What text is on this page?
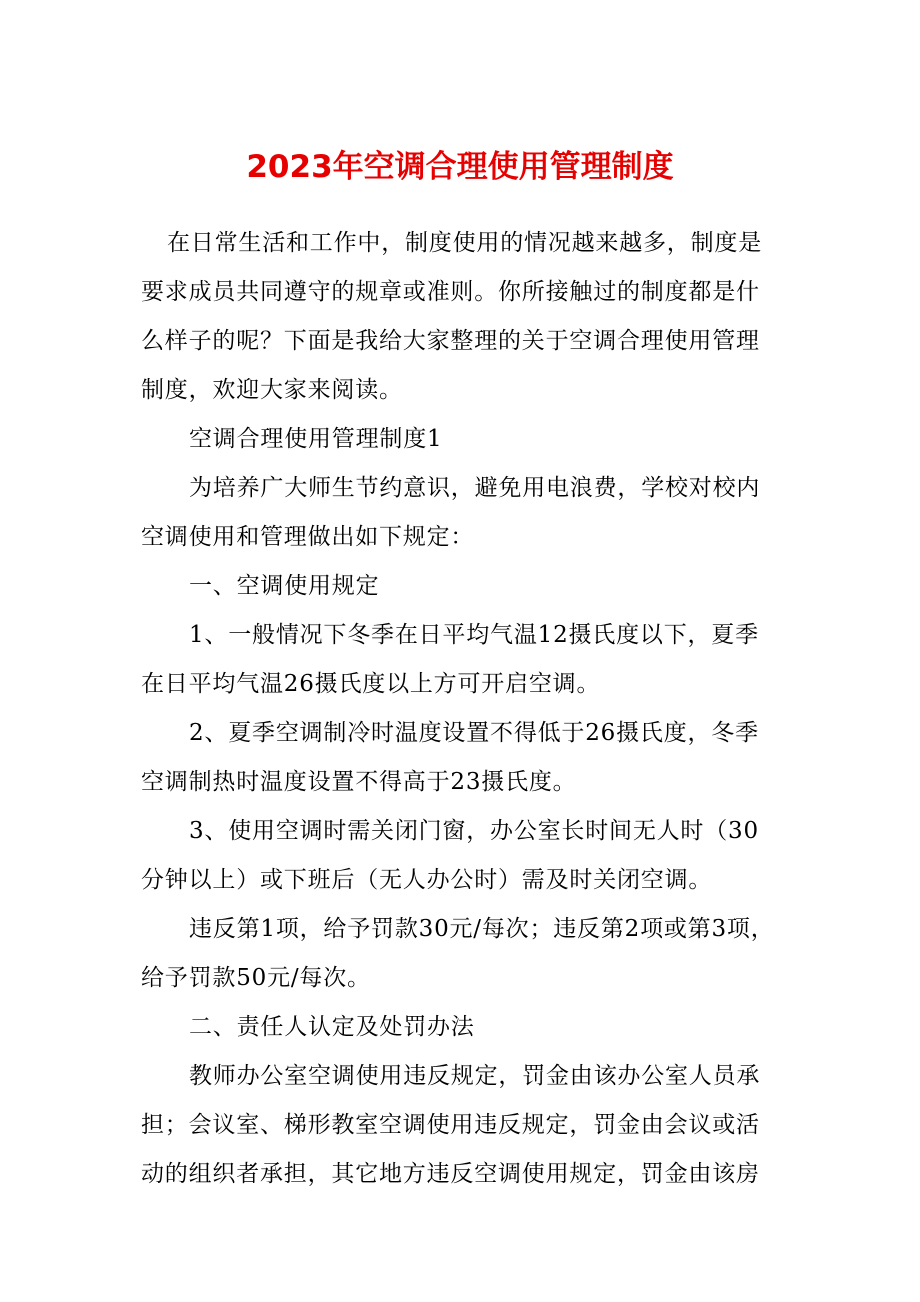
2023年空调合理使用管理制度

在日常生活和工作中，制度使用的情况越来越多，制度是要求成员共同遵守的规章或准则。你所接触过的制度都是什么样子的呢？下面是我给大家整理的关于空调合理使用管理制度，欢迎大家来阅读。

空调合理使用管理制度1

为培养广大师生节约意识，避免用电浪费，学校对校内空调使用和管理做出如下规定：

一、空调使用规定

1、一般情况下冬季在日平均气温12摄氏度以下，夏季在日平均气温26摄氏度以上方可开启空调。

2、夏季空调制冷时温度设置不得低于26摄氏度，冬季空调制热时温度设置不得高于23摄氏度。

3、使用空调时需关闭门窗，办公室长时间无人时（30分钟以上）或下班后（无人办公时）需及时关闭空调。

违反第1项，给予罚款30元/每次；违反第2项或第3项，给予罚款50元/每次。

二、责任人认定及处罚办法

教师办公室空调使用违反规定，罚金由该办公室人员承担；会议室、梯形教室空调使用违反规定，罚金由会议或活动的组织者承担，其它地方违反空调使用规定，罚金由该房
